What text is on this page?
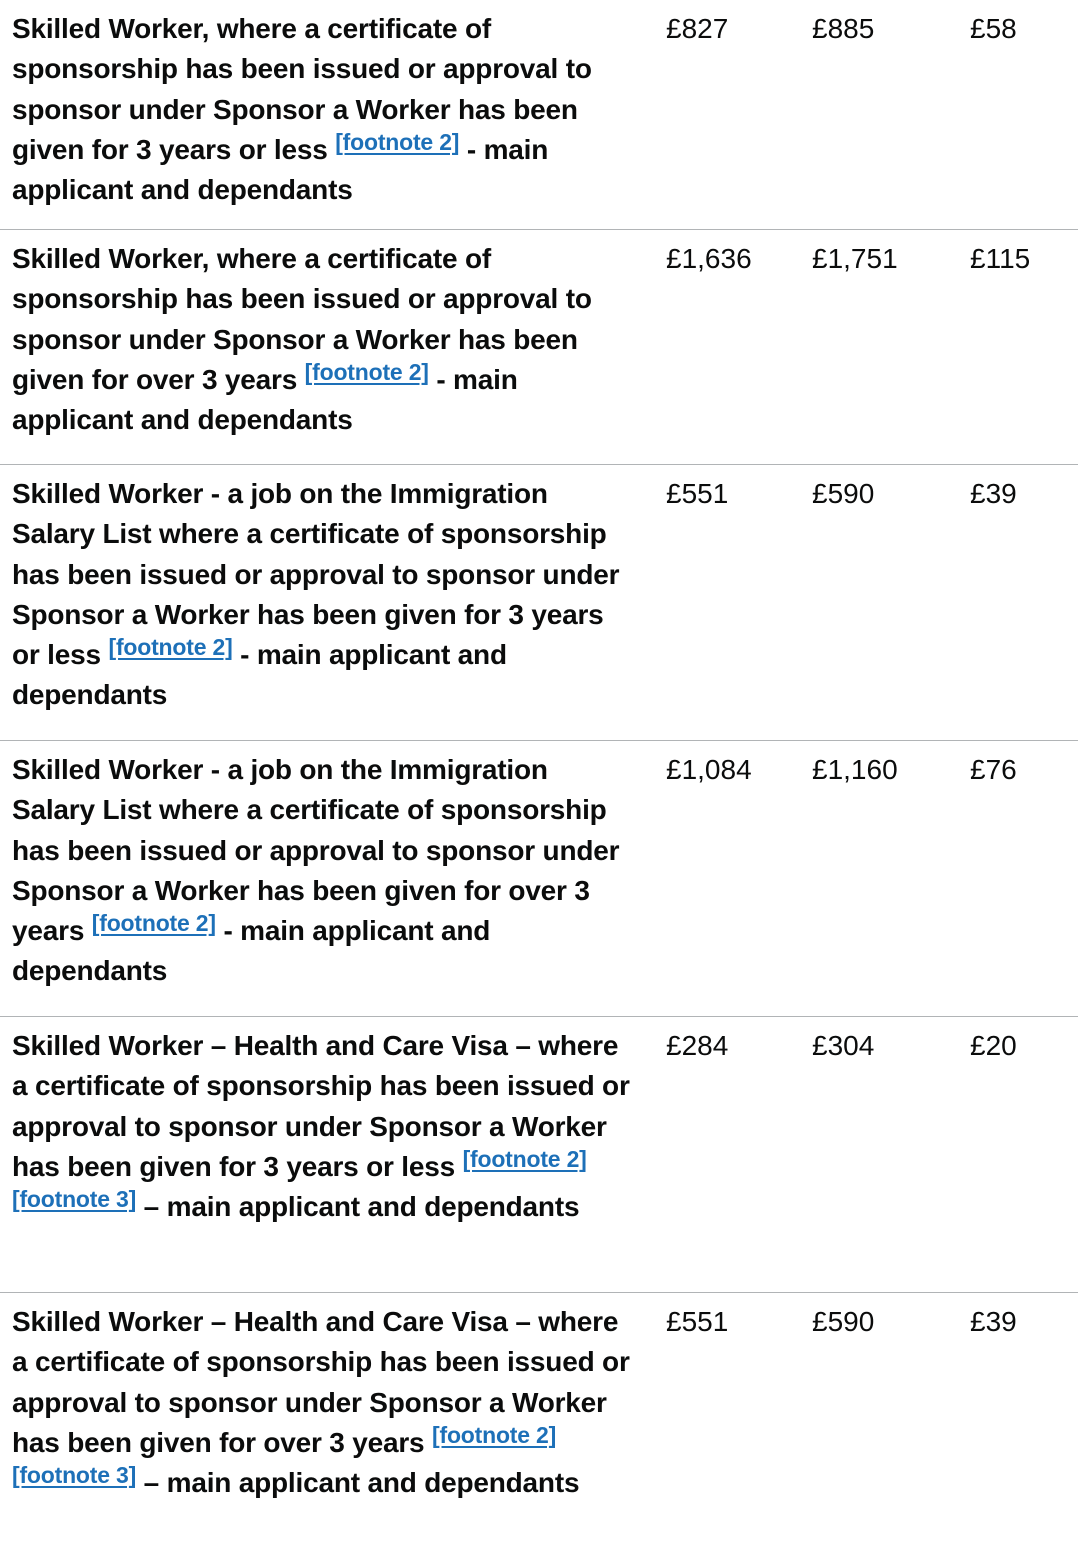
Skilled Worker, where a certificate of sponsorship has been issued or approval to sponsor under Sponsor a Worker has been given for 3 years or less [footnote 2] - main applicant and dependants

£827	£885	£58

Skilled Worker, where a certificate of sponsorship has been issued or approval to sponsor under Sponsor a Worker has been given for over 3 years [footnote 2] - main applicant and dependants

£1,636 £1,751	£115

Skilled Worker - a job on the Immigration Salary List where a certificate of sponsorship has been issued or approval to sponsor under Sponsor a Worker has been given for 3 years or less [footnote 2] - main applicant and dependants

£551	£590	£39

Skilled Worker - a job on the Immigration Salary List where a certificate of sponsorship has been issued or approval to sponsor under Sponsor a Worker has been given for over 3 years [footnote 2] - main applicant and dependants

£1,084 £1,160	£76

Skilled Worker – Health and Care Visa – where a certificate of sponsorship has been issued or approval to sponsor under Sponsor a Worker has been given for 3 years or less [footnote 2] [footnote 3] – main applicant and dependants

£284	£304	£20

Skilled Worker – Health and Care Visa – where a certificate of sponsorship has been issued or approval to sponsor under Sponsor a Worker has been given for over 3 years [footnote 2] [footnote 3] – main applicant and dependants

£551	£590	£39
